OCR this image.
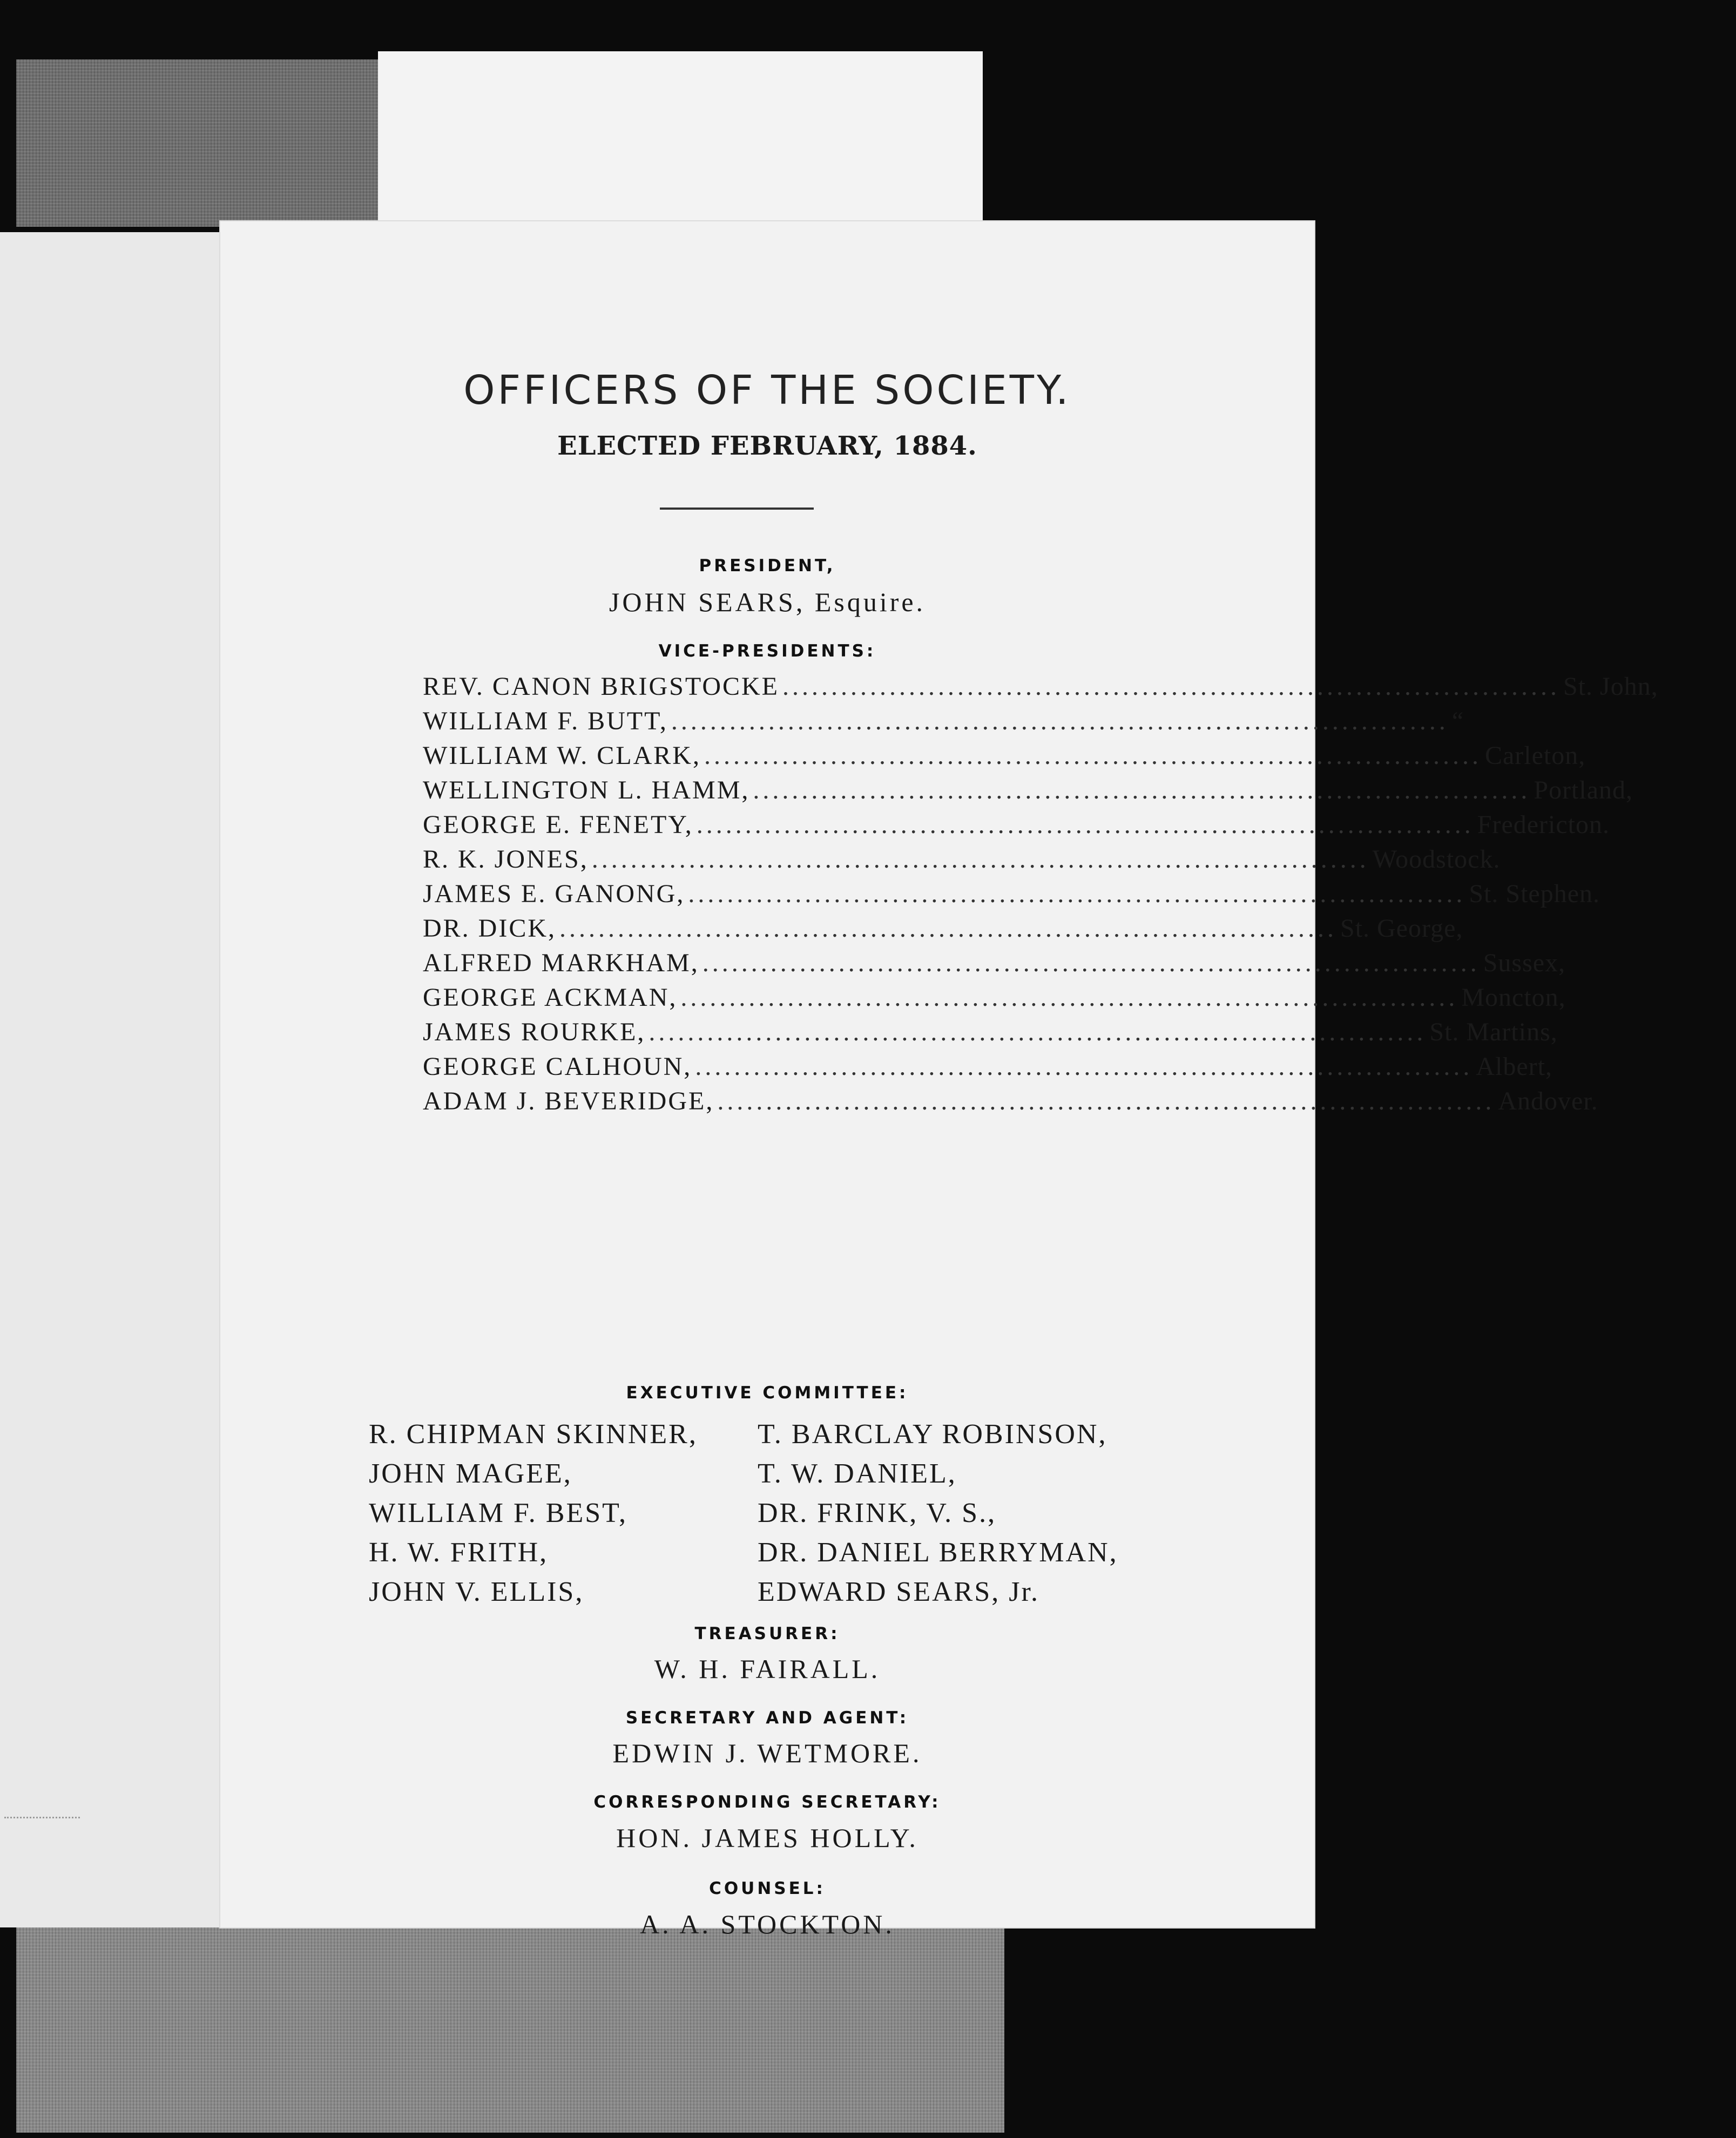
OFFICERS OF THE SOCIETY.
ELECTED FEBRUARY, 1884.
PRESIDENT,
JOHN SEARS, Esquire.
VICE-PRESIDENTS:
REV. CANON BRIGSTOCKE ................................................................................ St. John,
WILLIAM F. BUTT, ................................................................................ “
WILLIAM W. CLARK, ................................................................................ Carleton,
WELLINGTON L. HAMM, ................................................................................ Portland,
GEORGE E. FENETY, ................................................................................ Fredericton.
R. K. JONES, ................................................................................ Woodstock.
JAMES E. GANONG, ................................................................................ St. Stephen.
DR. DICK, ................................................................................ St. George,
ALFRED MARKHAM, ................................................................................ Sussex,
GEORGE ACKMAN, ................................................................................ Moncton,
JAMES ROURKE, ................................................................................ St. Martins,
GEORGE CALHOUN, ................................................................................ Albert,
ADAM J. BEVERIDGE, ................................................................................ Andover.
EXECUTIVE COMMITTEE:
R. CHIPMAN SKINNER,
JOHN MAGEE,
WILLIAM F. BEST,
H. W. FRITH,
JOHN V. ELLIS,
T. BARCLAY ROBINSON,
T. W. DANIEL,
DR. FRINK, V. S.,
DR. DANIEL BERRYMAN,
EDWARD SEARS, Jr.
TREASURER:
W. H. FAIRALL.
SECRETARY AND AGENT:
EDWIN J. WETMORE.
CORRESPONDING SECRETARY:
HON. JAMES HOLLY.
COUNSEL:
A. A. STOCKTON.
